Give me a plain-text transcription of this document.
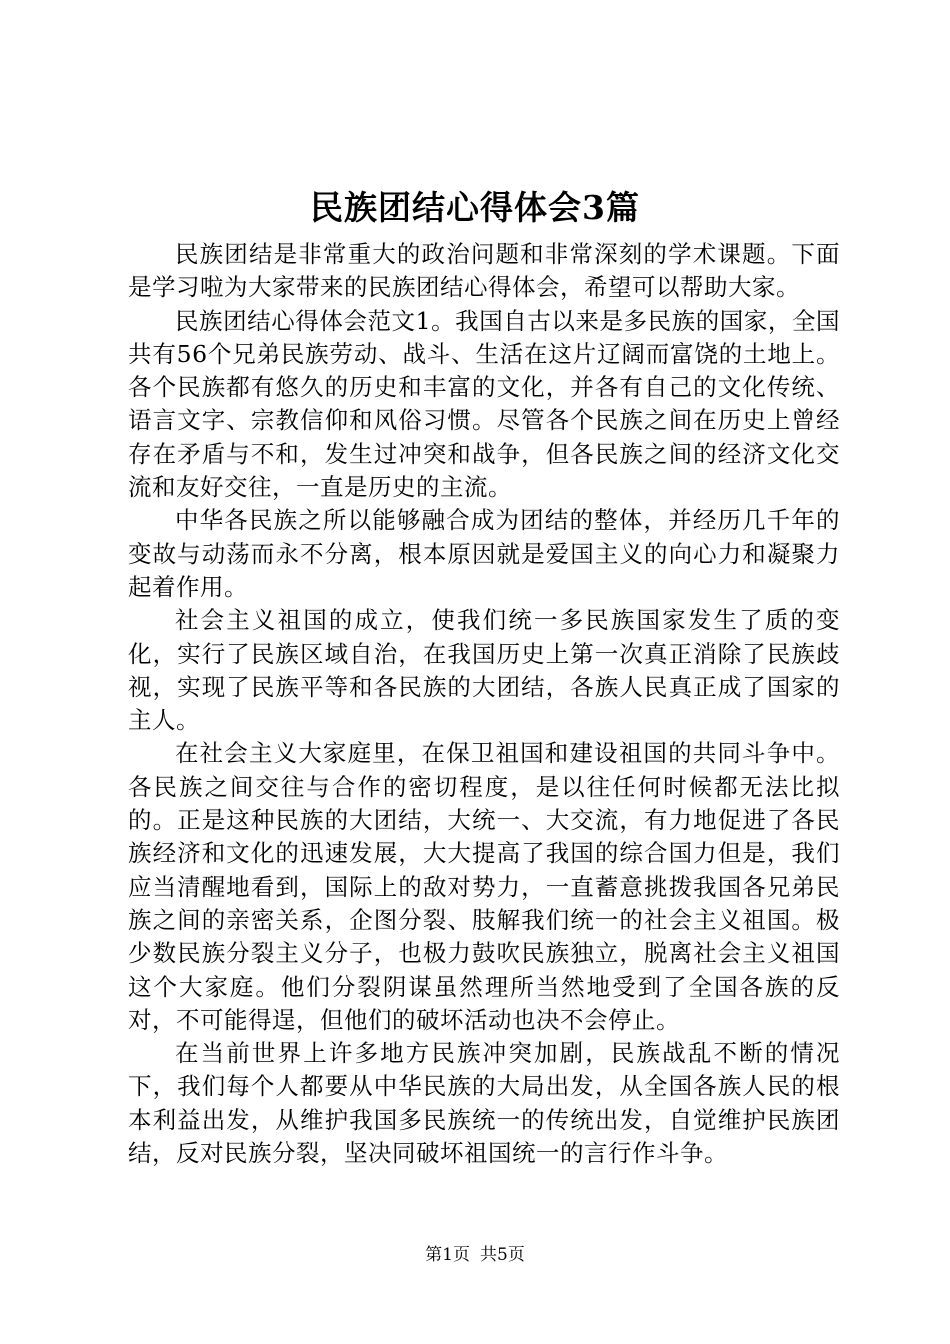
民族团结心得体会3篇

民族团结是非常重大的政治问题和非常深刻的学术课题。下面是学习啦为大家带来的民族团结心得体会，希望可以帮助大家。

民族团结心得体会范文1。我国自古以来是多民族的国家，全国共有56个兄弟民族劳动、战斗、生活在这片辽阔而富饶的土地上。各个民族都有悠久的历史和丰富的文化，并各有自己的文化传统、语言文字、宗教信仰和风俗习惯。尽管各个民族之间在历史上曾经存在矛盾与不和，发生过冲突和战争，但各民族之间的经济文化交流和友好交往，一直是历史的主流。

中华各民族之所以能够融合成为团结的整体，并经历几千年的变故与动荡而永不分离，根本原因就是爱国主义的向心力和凝聚力起着作用。

社会主义祖国的成立，使我们统一多民族国家发生了质的变化，实行了民族区域自治，在我国历史上第一次真正消除了民族歧视，实现了民族平等和各民族的大团结，各族人民真正成了国家的主人。

在社会主义大家庭里，在保卫祖国和建设祖国的共同斗争中。各民族之间交往与合作的密切程度，是以往任何时候都无法比拟的。正是这种民族的大团结，大统一、大交流，有力地促进了各民族经济和文化的迅速发展，大大提高了我国的综合国力但是，我们应当清醒地看到，国际上的敌对势力，一直蓄意挑拨我国各兄弟民族之间的亲密关系，企图分裂、肢解我们统一的社会主义祖国。极少数民族分裂主义分子，也极力鼓吹民族独立，脱离社会主义祖国这个大家庭。他们分裂阴谋虽然理所当然地受到了全国各族的反对，不可能得逞，但他们的破坏活动也决不会停止。

在当前世界上许多地方民族冲突加剧，民族战乱不断的情况下，我们每个人都要从中华民族的大局出发，从全国各族人民的根本利益出发，从维护我国多民族统一的传统出发，自觉维护民族团结，反对民族分裂，坚决同破坏祖国统一的言行作斗争。

第1页 共5页
